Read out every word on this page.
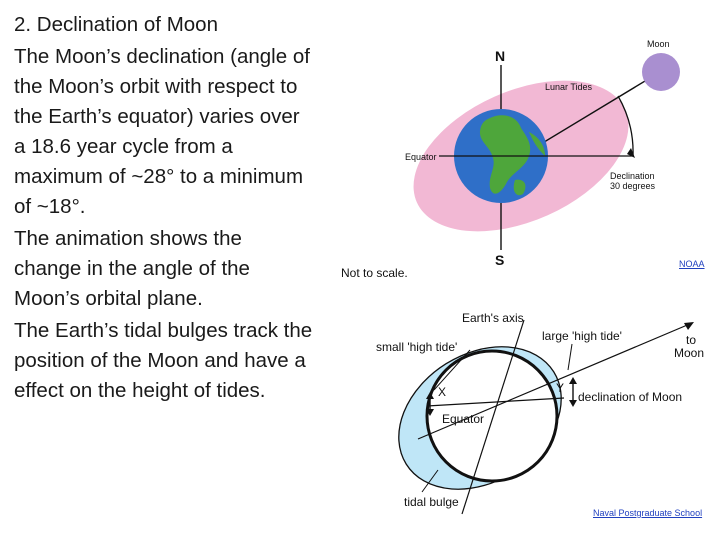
2. Declination of Moon

The Moon’s declination (angle of the Moon’s orbit with respect to the Earth’s equator) varies over a 18.6 year cycle from a maximum of ~28° to a minimum of ~18°.

The animation shows the change in the angle of the Moon’s orbital plane.

The Earth’s tidal bulges track the position of the Moon and have a effect on the height of tides.

N
S
Moon
Lunar Tides
Equator
Declination
30 degrees
Earth's axis
small 'high tide'
large 'high tide'	to
Moon
X	Y
Equator
declination of Moon
tidal bulge
Not to scale.
NOAA
Naval Postgraduate School
